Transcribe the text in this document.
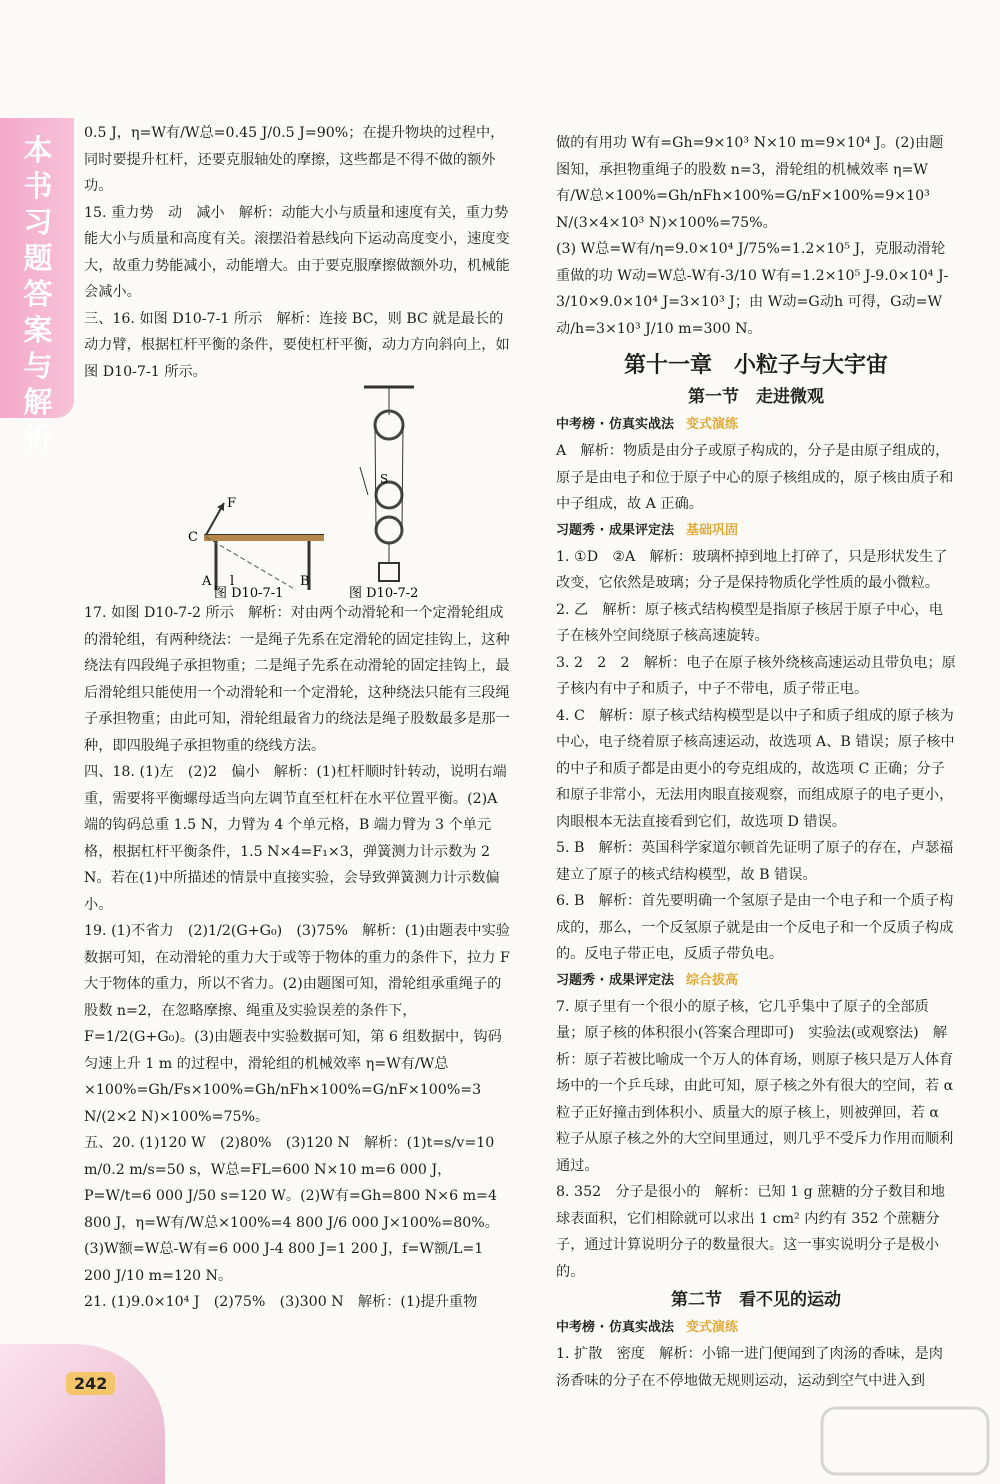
本书习题答案与解析
242

0.5 J，η=W有/W总=0.45 J/0.5 J=90%；在提升物块的过程中，同时要提升杠杆，还要克服轴处的摩擦，这些都是不得不做的额外功。

15. 重力势　动　减小　解析：动能大小与质量和速度有关，重力势能大小与质量和高度有关。滚摆沿着悬线向下运动高度变小，速度变大，故重力势能减小，动能增大。由于要克服摩擦做额外功，机械能会减小。

三、16. 如图 D10-7-1 所示　解析：连接 BC，则 BC 就是最长的动力臂，根据杠杆平衡的条件，要使杠杆平衡，动力方向斜向上，如图 D10-7-1 所示。

F
C
A l	B
S
图 D10-7-1	图 D10-7-2

17. 如图 D10-7-2 所示　解析：对由两个动滑轮和一个定滑轮组成的滑轮组，有两种绕法：一是绳子先系在定滑轮的固定挂钩上，这种绕法有四段绳子承担物重；二是绳子先系在动滑轮的固定挂钩上，最后滑轮组只能使用一个动滑轮和一个定滑轮，这种绕法只能有三段绳子承担物重；由此可知，滑轮组最省力的绕法是绳子股数最多是那一种，即四股绳子承担物重的绕线方法。

四、18. (1)左　(2)2　偏小　解析：(1)杠杆顺时针转动，说明右端重，需要将平衡螺母适当向左调节直至杠杆在水平位置平衡。(2)A 端的钩码总重 1.5 N，力臂为 4 个单元格，B 端力臂为 3 个单元格，根据杠杆平衡条件，1.5 N×4=F₁×3，弹簧测力计示数为 2 N。若在(1)中所描述的情景中直接实验，会导致弹簧测力计示数偏小。

19. (1)不省力　(2)1/2(G+G₀)　(3)75%　解析：(1)由题表中实验数据可知，在动滑轮的重力大于或等于物体的重力的条件下，拉力 F 大于物体的重力，所以不省力。(2)由题图可知，滑轮组承重绳子的股数 n=2，在忽略摩擦、绳重及实验误差的条件下，F=1/2(G+G₀)。(3)由题表中实验数据可知，第 6 组数据中，钩码匀速上升 1 m 的过程中，滑轮组的机械效率 η=W有/W总×100%=Gh/Fs×100%=Gh/nFh×100%=G/nF×100%=3 N/(2×2 N)×100%=75%。

五、20. (1)120 W　(2)80%　(3)120 N　解析：(1)t=s/v=10 m/0.2 m/s=50 s，W总=FL=600 N×10 m=6 000 J，P=W/t=6 000 J/50 s=120 W。(2)W有=Gh=800 N×6 m=4 800 J，η=W有/W总×100%=4 800 J/6 000 J×100%=80%。(3)W额=W总-W有=6 000 J-4 800 J=1 200 J，f=W额/L=1 200 J/10 m=120 N。

21. (1)9.0×10⁴ J　(2)75%　(3)300 N　解析：(1)提升重物

做的有用功 W有=Gh=9×10³ N×10 m=9×10⁴ J。(2)由题图知，承担物重绳子的股数 n=3，滑轮组的机械效率 η=W有/W总×100%=Gh/nFh×100%=G/nF×100%=9×10³ N/(3×4×10³ N)×100%=75%。

(3) W总=W有/η=9.0×10⁴ J/75%=1.2×10⁵ J，克服动滑轮重做的功 W动=W总-W有-3/10 W有=1.2×10⁵ J-9.0×10⁴ J-3/10×9.0×10⁴ J=3×10³ J；由 W动=G动h 可得，G动=W动/h=3×10³ J/10 m=300 N。

第十一章　小粒子与大宇宙
第一节　走进微观
中考榜 · 仿真实战法 变式演练

A　解析：物质是由分子或原子构成的，分子是由原子组成的，原子是由电子和位于原子中心的原子核组成的，原子核由质子和中子组成，故 A 正确。

习题秀 · 成果评定法 基础巩固

1. ①D　②A　解析：玻璃杯掉到地上打碎了，只是形状发生了改变，它依然是玻璃；分子是保持物质化学性质的最小微粒。

2. 乙　解析：原子核式结构模型是指原子核居于原子中心，电子在核外空间绕原子核高速旋转。

3. 2　2　2　解析：电子在原子核外绕核高速运动且带负电；原子核内有中子和质子，中子不带电，质子带正电。

4. C　解析：原子核式结构模型是以中子和质子组成的原子核为中心，电子绕着原子核高速运动，故选项 A、B 错误；原子核中的中子和质子都是由更小的夸克组成的，故选项 C 正确；分子和原子非常小，无法用肉眼直接观察，而组成原子的电子更小，肉眼根本无法直接看到它们，故选项 D 错误。

5. B　解析：英国科学家道尔顿首先证明了原子的存在，卢瑟福建立了原子的核式结构模型，故 B 错误。

6. B　解析：首先要明确一个氢原子是由一个电子和一个质子构成的，那么，一个反氢原子就是由一个反电子和一个反质子构成的。反电子带正电，反质子带负电。

习题秀 · 成果评定法 综合拔高

7. 原子里有一个很小的原子核，它几乎集中了原子的全部质量；原子核的体积很小(答案合理即可)　实验法(或观察法)　解析：原子若被比喻成一个万人的体育场，则原子核只是万人体育场中的一个乒乓球，由此可知，原子核之外有很大的空间，若 α 粒子正好撞击到体积小、质量大的原子核上，则被弹回，若 α 粒子从原子核之外的大空间里通过，则几乎不受斥力作用而顺利通过。

8. 352　分子是很小的　解析：已知 1 g 蔗糖的分子数目和地球表面积，它们相除就可以求出 1 cm² 内约有 352 个蔗糖分子，通过计算说明分子的数量很大。这一事实说明分子是极小的。

第二节　看不见的运动
中考榜 · 仿真实战法 变式演练

1. 扩散　密度　解析：小锦一进门便闻到了肉汤的香味，是肉汤香味的分子在不停地做无规则运动，运动到空气中进入到
